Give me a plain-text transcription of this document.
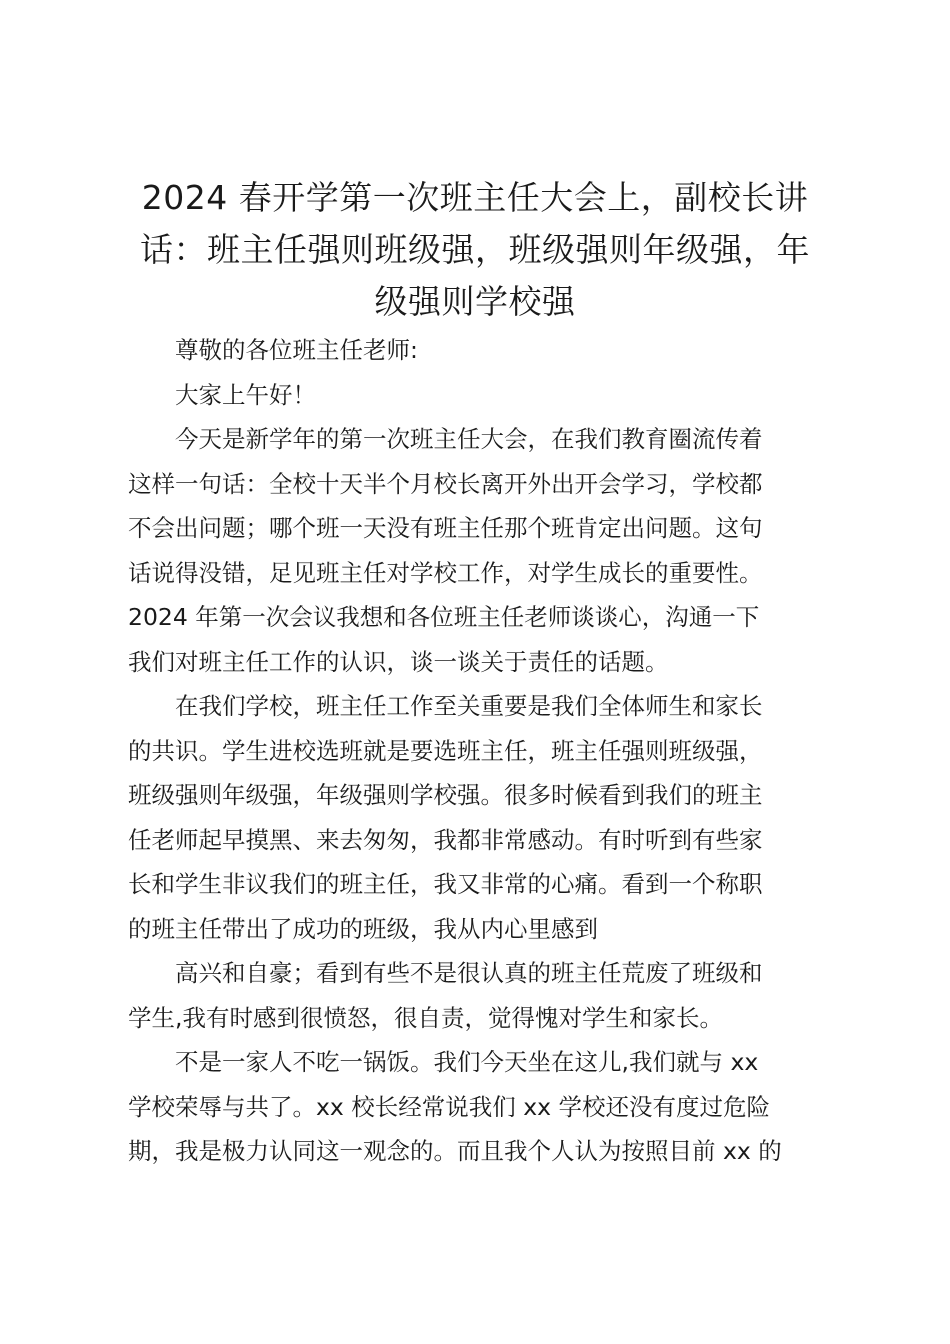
2024 春开学第一次班主任大会上，副校长讲
话：班主任强则班级强，班级强则年级强，年
级强则学校强

尊敬的各位班主任老师:

大家上午好！

今天是新学年的第一次班主任大会，在我们教育圈流传着
这样一句话：全校十天半个月校长离开外出开会学习，学校都
不会出问题；哪个班一天没有班主任那个班肯定出问题。这句
话说得没错，足见班主任对学校工作，对学生成长的重要性。
2024 年第一次会议我想和各位班主任老师谈谈心，沟通一下
我们对班主任工作的认识，谈一谈关于责任的话题。

在我们学校，班主任工作至关重要是我们全体师生和家长
的共识。学生进校选班就是要选班主任，班主任强则班级强，
班级强则年级强，年级强则学校强。很多时候看到我们的班主
任老师起早摸黑、来去匆匆，我都非常感动。有时听到有些家
长和学生非议我们的班主任，我又非常的心痛。看到一个称职
的班主任带出了成功的班级，我从内心里感到

高兴和自豪；看到有些不是很认真的班主任荒废了班级和
学生,我有时感到很愤怒，很自责，觉得愧对学生和家长。

不是一家人不吃一锅饭。我们今天坐在这儿,我们就与 xx
学校荣辱与共了。xx 校长经常说我们 xx 学校还没有度过危险
期，我是极力认同这一观念的。而且我个人认为按照目前 xx 的
